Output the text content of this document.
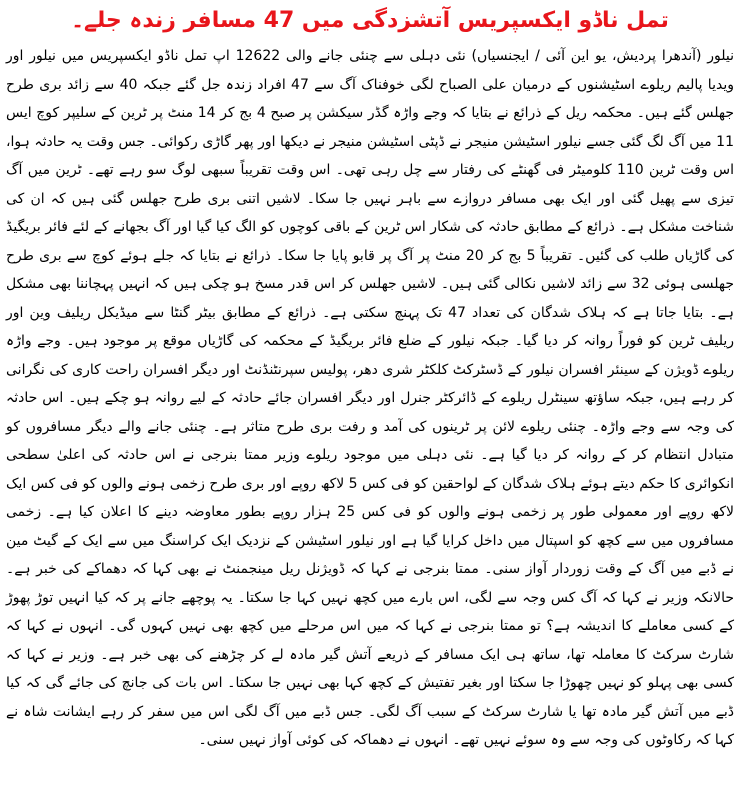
تمل ناڈو ایکسپریس آتشزدگی میں 47 مسافر زندہ جلے۔

نیلور (آندھرا پردیش، یو این آئی / ایجنسیاں) نئی دہلی سے چنئی جانے والی 12622 اپ تمل ناڈو ایکسپریس میں نیلور اور ویدیا پالیم ریلوے اسٹیشنوں کے درمیان علی الصباح لگی خوفناک آگ سے 47 افراد زندہ جل گئے جبکہ 40 سے زائد بری طرح جھلس گئے ہیں۔ محکمہ ریل کے ذرائع نے بتایا کہ وجے واڑہ گڈر سیکشن پر صبح 4 بج کر 14 منٹ پر ٹرین کے سلیپر کوچ ایس 11 میں آگ لگ گئی جسے نیلور اسٹیشن منیجر نے ڈپٹی اسٹیشن منیجر نے دیکھا اور پھر گاڑی رکوائی۔ جس وقت یہ حادثہ ہوا، اس وقت ٹرین 110 کلومیٹر فی گھنٹے کی رفتار سے چل رہی تھی۔ اس وقت تقریباً سبھی لوگ سو رہے تھے۔ ٹرین میں آگ تیزی سے پھیل گئی اور ایک بھی مسافر دروازے سے باہر نہیں جا سکا۔ لاشیں اتنی بری طرح جھلس گئی ہیں کہ ان کی شناخت مشکل ہے۔ ذرائع کے مطابق حادثہ کی شکار اس ٹرین کے باقی کوچوں کو الگ کیا گیا اور آگ بجھانے کے لئے فائر بریگیڈ کی گاڑیاں طلب کی گئیں۔ تقریباً 5 بج کر 20 منٹ پر آگ پر قابو پایا جا سکا۔ ذرائع نے بتایا کہ جلے ہوئے کوچ سے بری طرح جھلسی ہوئی 32 سے زائد لاشیں نکالی گئی ہیں۔ لاشیں جھلس کر اس قدر مسخ ہو چکی ہیں کہ انہیں پہچاننا بھی مشکل ہے۔ بتایا جاتا ہے کہ ہلاک شدگان کی تعداد 47 تک پہنچ سکتی ہے۔ ذرائع کے مطابق بیٹر گنٹا سے میڈیکل ریلیف وین اور ریلیف ٹرین کو فوراً روانہ کر دیا گیا۔ جبکہ نیلور کے ضلع فائر بریگیڈ کے محکمہ کی گاڑیاں موقع پر موجود ہیں۔ وجے واڑہ ریلوے ڈویژن کے سینئر افسران نیلور کے ڈسٹرکٹ کلکٹر شری دھر، پولیس سپرنٹنڈنٹ اور دیگر افسران راحت کاری کی نگرانی کر رہے ہیں، جبکہ ساؤتھ سینٹرل ریلوے کے ڈائرکٹر جنرل اور دیگر افسران جائے حادثہ کے لیے روانہ ہو چکے ہیں۔ اس حادثہ کی وجہ سے وجے واڑہ۔ چنئی ریلوے لائن پر ٹرینوں کی آمد و رفت بری طرح متاثر ہے۔ چنئی جانے والے دیگر مسافروں کو متبادل انتظام کر کے روانہ کر دیا گیا ہے۔ نئی دہلی میں موجود ریلوے وزیر ممتا بنرجی نے اس حادثہ کی اعلیٰ سطحی انکوائری کا حکم دیتے ہوئے ہلاک شدگان کے لواحقین کو فی کس 5 لاکھ روپے اور بری طرح زخمی ہونے والوں کو فی کس ایک لاکھ روپے اور معمولی طور پر زخمی ہونے والوں کو فی کس 25 ہزار روپے بطور معاوضہ دینے کا اعلان کیا ہے۔ زخمی مسافروں میں سے کچھ کو اسپتال میں داخل کرایا گیا ہے اور نیلور اسٹیشن کے نزدیک ایک کراسنگ میں سے ایک کے گیٹ مین نے ڈبے میں آگ کے وقت زوردار آواز سنی۔ ممتا بنرجی نے کہا کہ ڈویژنل ریل مینجمنٹ نے بھی کہا کہ دھماکے کی خبر ہے۔ حالانکہ وزیر نے کہا کہ آگ کس وجہ سے لگی، اس بارے میں کچھ نہیں کہا جا سکتا۔ یہ پوچھے جانے پر کہ کیا انہیں توڑ پھوڑ کے کسی معاملے کا اندیشہ ہے؟ تو ممتا بنرجی نے کہا کہ میں اس مرحلے میں کچھ بھی نہیں کہوں گی۔ انہوں نے کہا کہ شارٹ سرکٹ کا معاملہ تھا، ساتھ ہی ایک مسافر کے ذریعے آتش گیر مادہ لے کر چڑھنے کی بھی خبر ہے۔ وزیر نے کہا کہ کسی بھی پہلو کو نہیں چھوڑا جا سکتا اور بغیر تفتیش کے کچھ کہا بھی نہیں جا سکتا۔ اس بات کی جانچ کی جائے گی کہ کیا ڈبے میں آتش گیر مادہ تھا یا شارٹ سرکٹ کے سبب آگ لگی۔ جس ڈبے میں آگ لگی اس میں سفر کر رہے ایشانت شاہ نے کہا کہ رکاوٹوں کی وجہ سے وہ سوئے نہیں تھے۔ انہوں نے دھماکہ کی کوئی آواز نہیں سنی۔
